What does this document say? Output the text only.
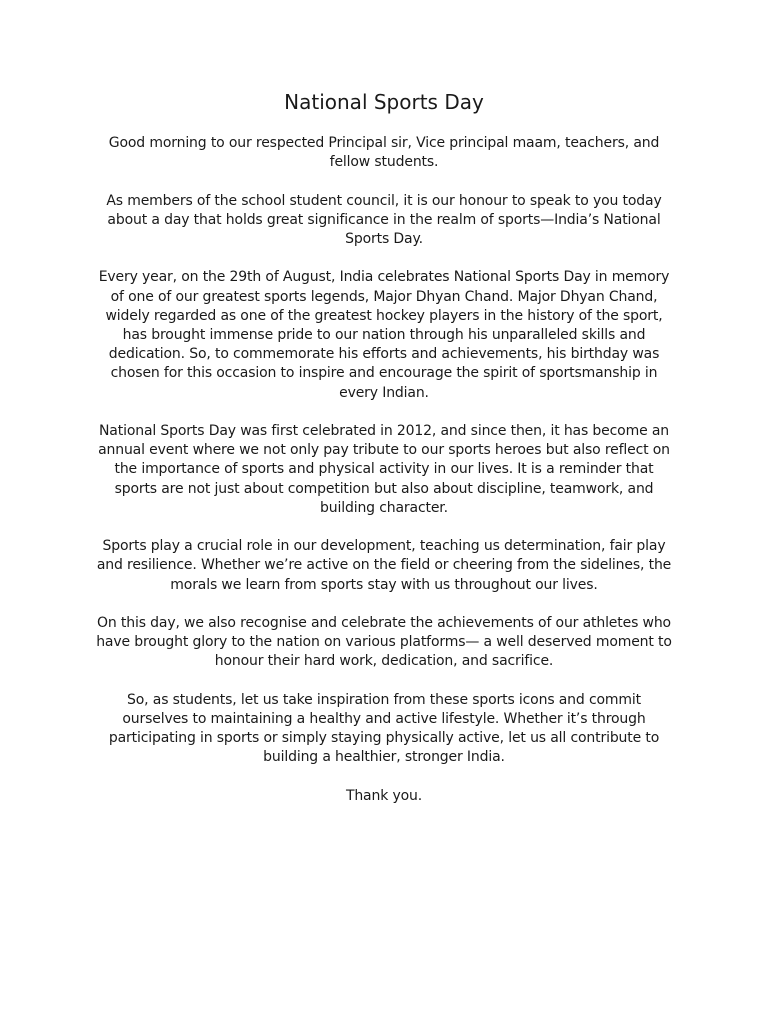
National Sports Day

Good morning to our respected Principal sir, Vice principal maam, teachers, and fellow students.

As members of the school student council, it is our honour to speak to you today about a day that holds great significance in the realm of sports—India’s National Sports Day.

Every year, on the 29th of August, India celebrates National Sports Day in memory of one of our greatest sports legends, Major Dhyan Chand. Major Dhyan Chand, widely regarded as one of the greatest hockey players in the history of the sport, has brought immense pride to our nation through his unparalleled skills and dedication. So, to commemorate his efforts and achievements, his birthday was chosen for this occasion to inspire and encourage the spirit of sportsmanship in every Indian.

National Sports Day was first celebrated in 2012, and since then, it has become an annual event where we not only pay tribute to our sports heroes but also reflect on the importance of sports and physical activity in our lives. It is a reminder that sports are not just about competition but also about discipline, teamwork, and building character.

Sports play a crucial role in our development, teaching us determination, fair play and resilience. Whether we’re active on the field or cheering from the sidelines, the morals we learn from sports stay with us throughout our lives.

On this day, we also recognise and celebrate the achievements of our athletes who have brought glory to the nation on various platforms— a well deserved moment to honour their hard work, dedication, and sacrifice.

So, as students, let us take inspiration from these sports icons and commit ourselves to maintaining a healthy and active lifestyle. Whether it’s through participating in sports or simply staying physically active, let us all contribute to building a healthier, stronger India.

Thank you.
